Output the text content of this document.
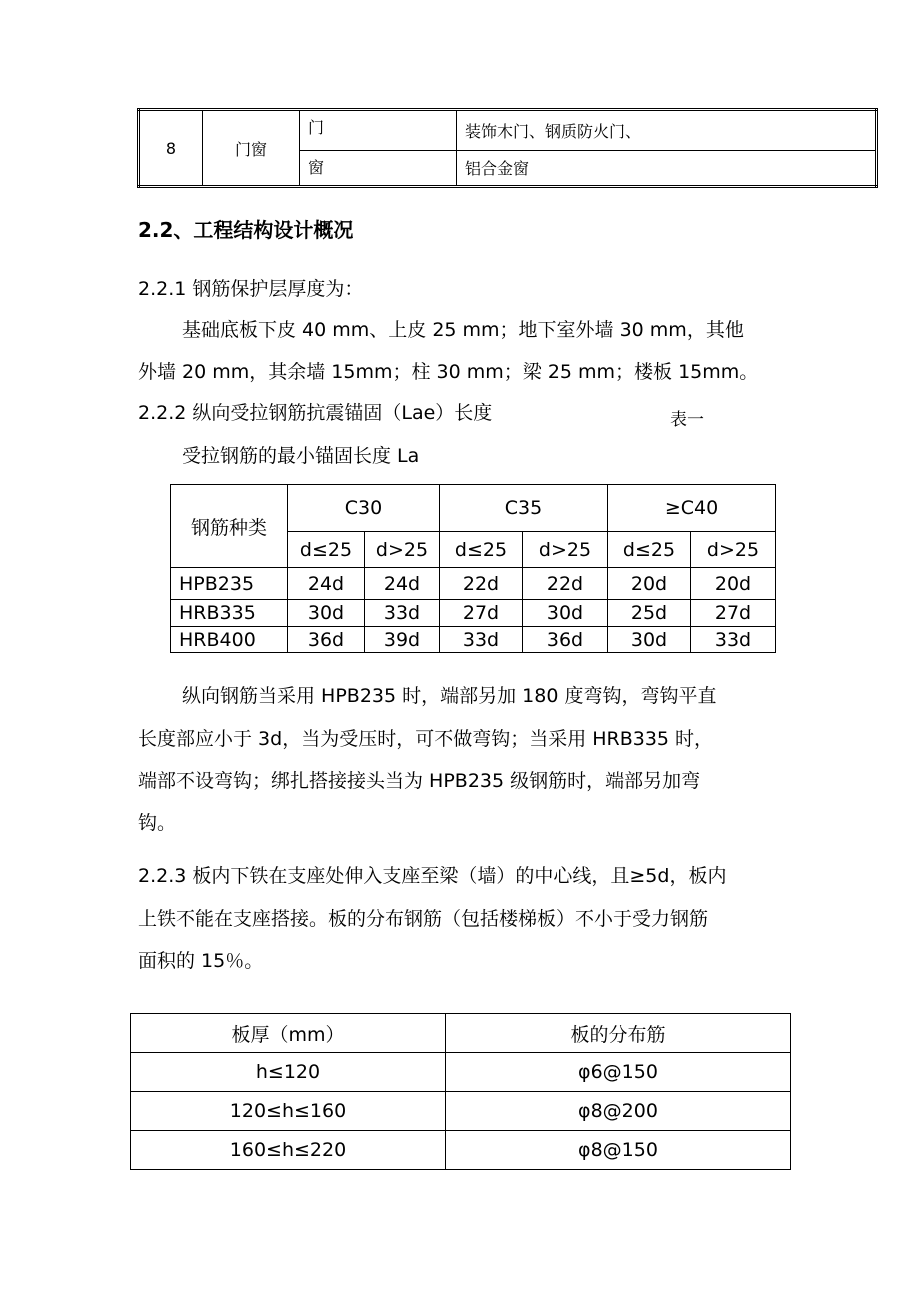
8	门窗	门	装饰木门、钢质防火门、
		窗	铝合金窗
2.2、工程结构设计概况
2.2.1 钢筋保护层厚度为：
基础底板下皮 40 mm、上皮 25 mm；地下室外墙 30 mm，其他
外墙 20 mm，其余墙 15mm；柱 30 mm；梁 25 mm；楼板 15mm。
2.2.2 纵向受拉钢筋抗震锚固（Lae）长度	表一
受拉钢筋的最小锚固长度 La
钢筋种类	C30		C35		≥C40	
	d≤25	d>25	d≤25	d>25	d≤25	d>25
HPB235	24d	24d	22d	22d	20d	20d
HRB335	30d	33d	27d	30d	25d	27d
HRB400	36d	39d	33d	36d	30d	33d
纵向钢筋当采用 HPB235 时，端部另加 180 度弯钩，弯钩平直
长度部应小于 3d，当为受压时，可不做弯钩；当采用 HRB335 时，
端部不设弯钩；绑扎搭接接头当为 HPB235 级钢筋时，端部另加弯
钩。
2.2.3 板内下铁在支座处伸入支座至梁（墙）的中心线，且≥5d，板内
上铁不能在支座搭接。板的分布钢筋（包括楼梯板）不小于受力钢筋
面积的 15％。
板厚（mm）	板的分布筋
h≤120	φ6@150
120≤h≤160	φ8@200
160≤h≤220	φ8@150
